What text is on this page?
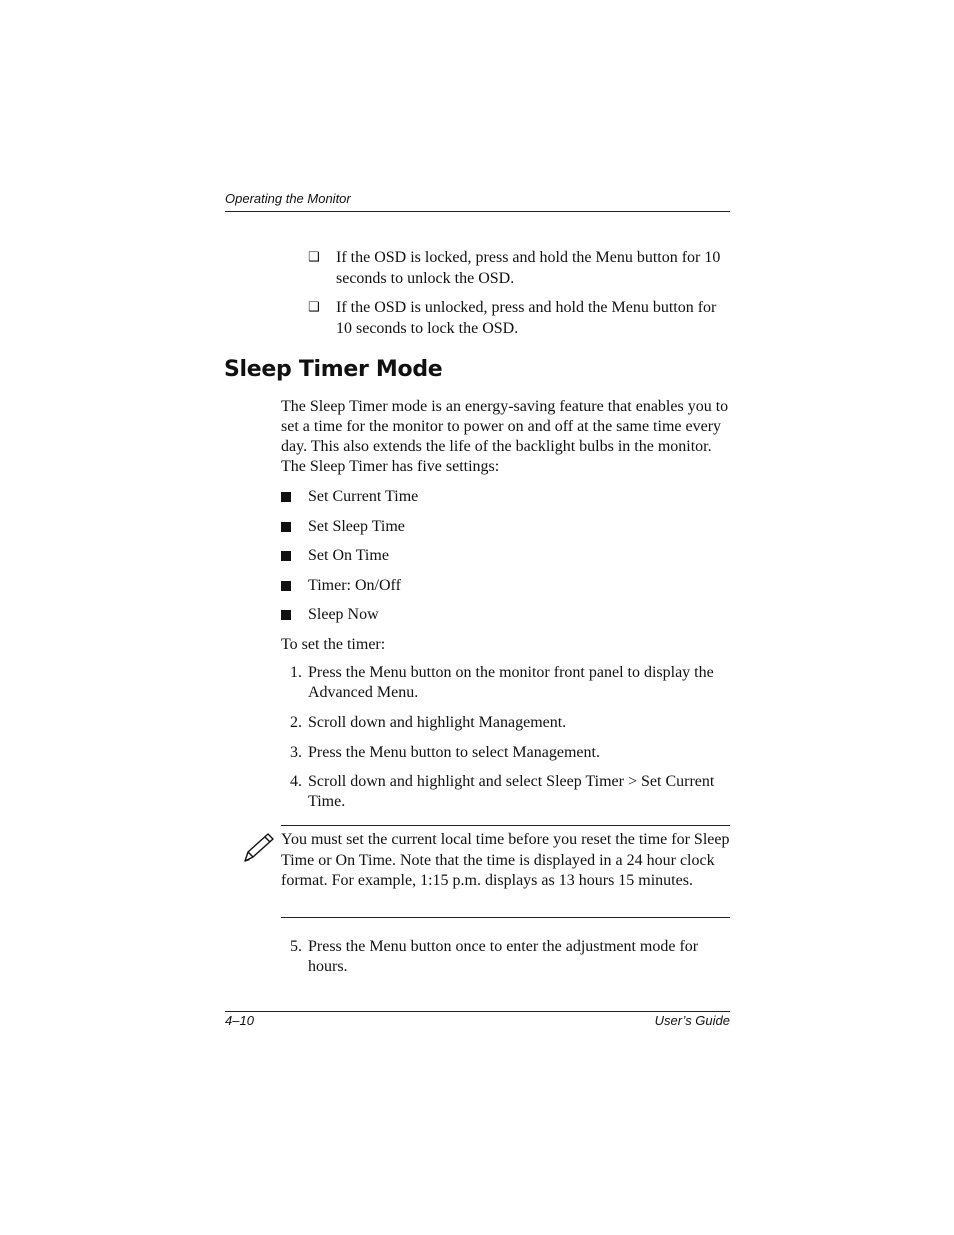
Operating the Monitor
❑ If the OSD is locked, press and hold the Menu button for 10 seconds to unlock the OSD.
❑ If the OSD is unlocked, press and hold the Menu button for 10 seconds to lock the OSD.
Sleep Timer Mode
The Sleep Timer mode is an energy-saving feature that enables you to set a time for the monitor to power on and off at the same time every day. This also extends the life of the backlight bulbs in the monitor. The Sleep Timer has five settings:
Set Current Time
Set Sleep Time
Set On Time
Timer: On/Off
Sleep Now
To set the timer:
1. Press the Menu button on the monitor front panel to display the Advanced Menu.
2. Scroll down and highlight Management.
3. Press the Menu button to select Management.
4. Scroll down and highlight and select Sleep Timer > Set Current Time.
You must set the current local time before you reset the time for Sleep Time or On Time. Note that the time is displayed in a 24 hour clock format. For example, 1:15 p.m. displays as 13 hours 15 minutes.
5. Press the Menu button once to enter the adjustment mode for hours.
4–10	User’s Guide
